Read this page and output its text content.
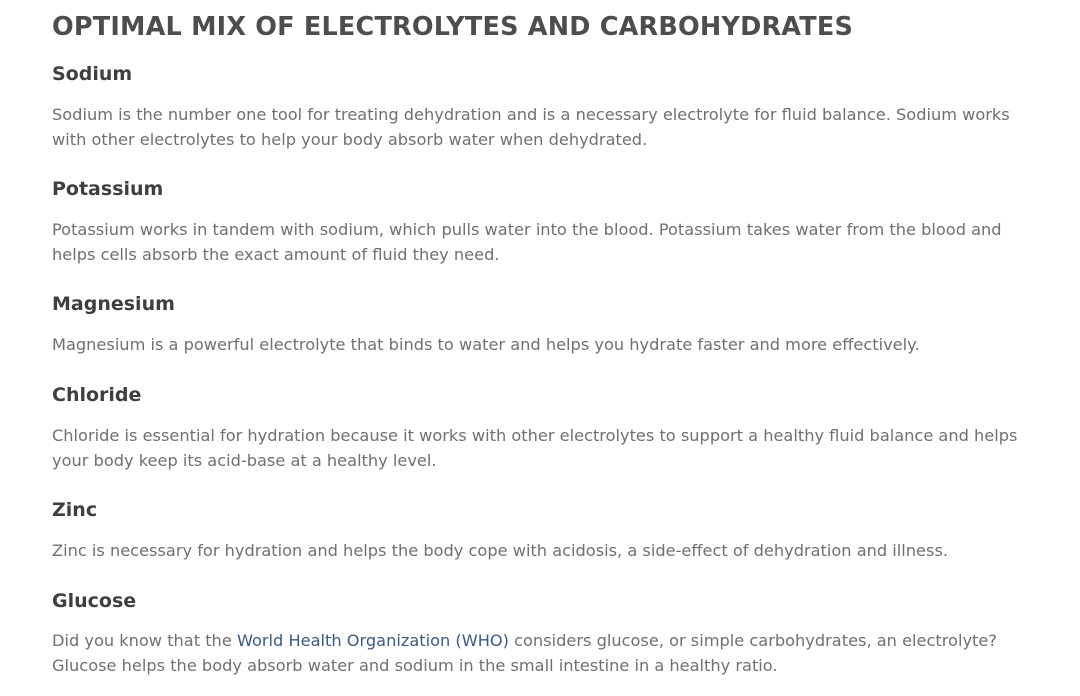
OPTIMAL MIX OF ELECTROLYTES AND CARBOHYDRATES
Sodium

Sodium is the number one tool for treating dehydration and is a necessary electrolyte for fluid balance. Sodium works with other electrolytes to help your body absorb water when dehydrated.

Potassium

Potassium works in tandem with sodium, which pulls water into the blood. Potassium takes water from the blood and helps cells absorb the exact amount of fluid they need.

Magnesium

Magnesium is a powerful electrolyte that binds to water and helps you hydrate faster and more effectively.

Chloride

Chloride is essential for hydration because it works with other electrolytes to support a healthy fluid balance and helps your body keep its acid-base at a healthy level.

Zinc

Zinc is necessary for hydration and helps the body cope with acidosis, a side-effect of dehydration and illness.

Glucose

Did you know that the World Health Organization (WHO) considers glucose, or simple carbohydrates, an electrolyte? Glucose helps the body absorb water and sodium in the small intestine in a healthy ratio.
